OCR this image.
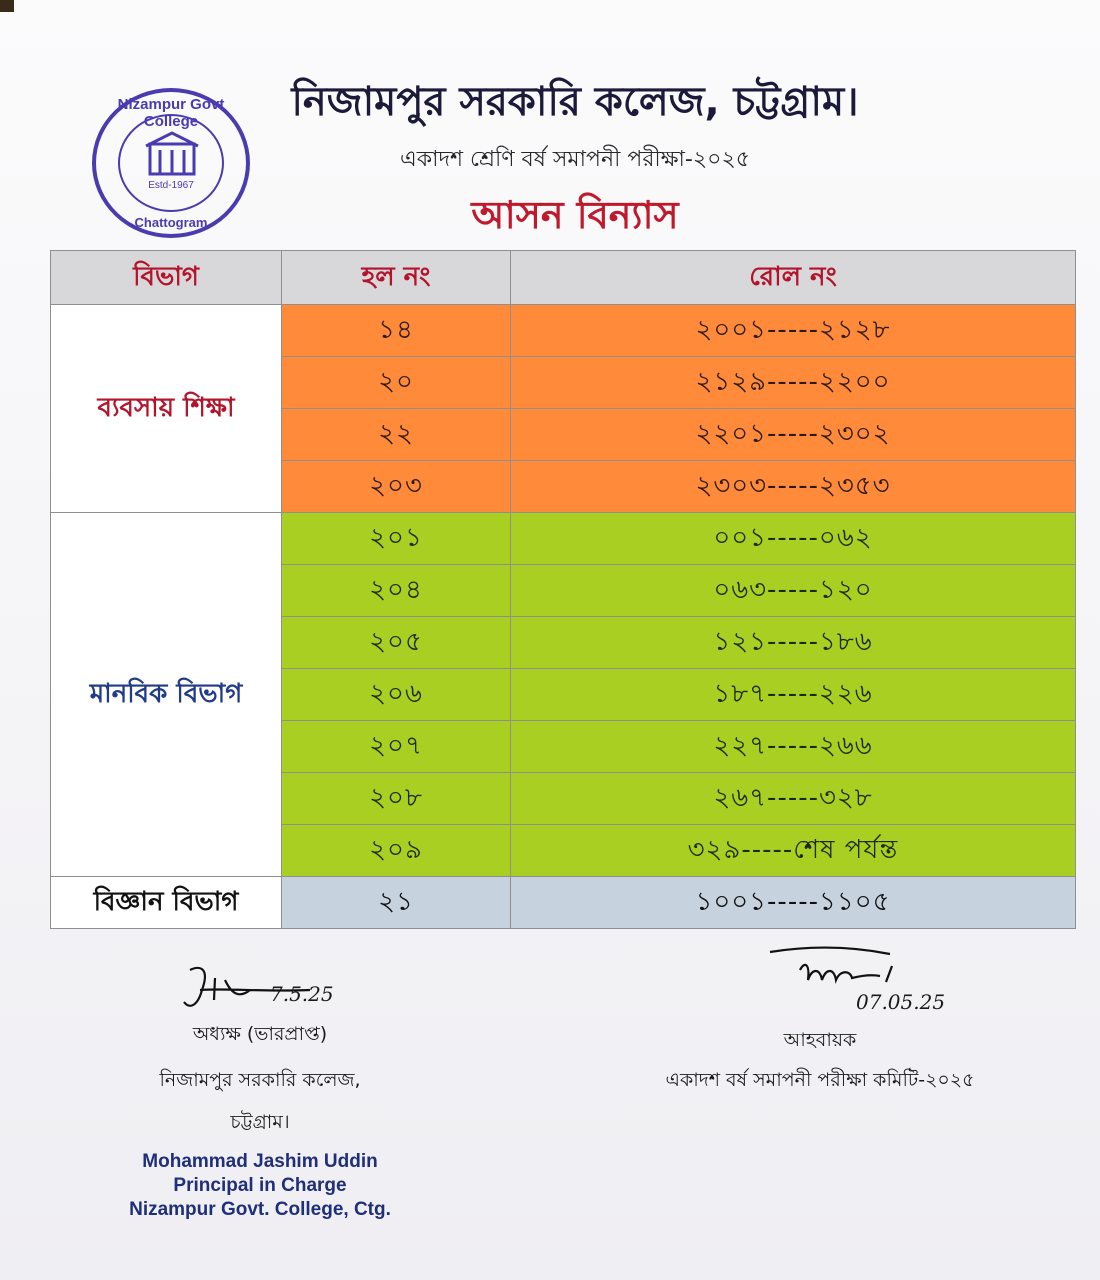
Nizampur Govt College
Estd-1967
Chattogram
নিজামপুর সরকারি কলেজ, চট্টগ্রাম।
একাদশ শ্রেণি বর্ষ সমাপনী পরীক্ষা-২০২৫
আসন বিন্যাস
বিভাগ	হল নং	রোল নং
ব্যবসায় শিক্ষা	১৪	২০০১-----২১২৮
	২০	২১২৯-----২২০০
	২২	২২০১-----২৩০২
	২০৩	২৩০৩-----২৩৫৩
মানবিক বিভাগ	২০১	০০১-----০৬২
	২০৪	০৬৩-----১২০
	২০৫	১২১-----১৮৬
	২০৬	১৮৭-----২২৬
	২০৭	২২৭-----২৬৬
	২০৮	২৬৭-----৩২৮
	২০৯	৩২৯-----শেষ পর্যন্ত
বিজ্ঞান বিভাগ	২১	১০০১-----১১০৫
7.5.25
অধ্যক্ষ (ভারপ্রাপ্ত)
নিজামপুর সরকারি কলেজ,
চট্টগ্রাম।
Mohammad Jashim Uddin
Principal in Charge
Nizampur Govt. College, Ctg.
07.05.25
আহবায়ক
একাদশ বর্ষ সমাপনী পরীক্ষা কমিটি-২০২৫
